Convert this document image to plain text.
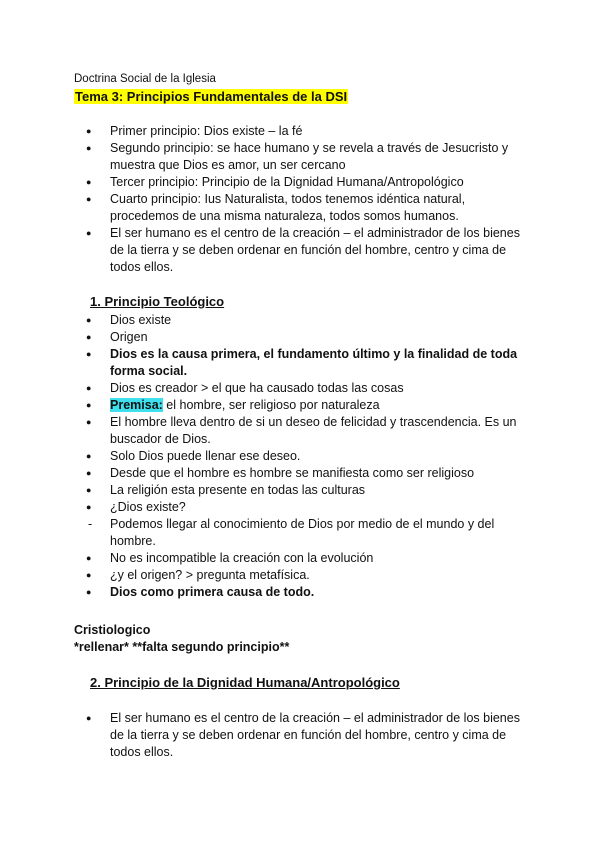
Doctrina Social de la Iglesia
Tema 3: Principios Fundamentales de la DSI
● Primer principio: Dios existe – la fé
● Segundo principio: se hace humano y se revela a través de Jesucristo y muestra que Dios es amor, un ser cercano
● Tercer principio: Principio de la Dignidad Humana/Antropológico
● Cuarto principio: Ius Naturalista, todos tenemos idéntica natural, procedemos de una misma naturaleza, todos somos humanos.
● El ser humano es el centro de la creación – el administrador de los bienes de la tierra y se deben ordenar en función del hombre, centro y cima de todos ellos.
1. Principio Teológico
● Dios existe
● Origen
● Dios es la causa primera, el fundamento último y la finalidad de toda forma social.
● Dios es creador > el que ha causado todas las cosas
● Premisa: el hombre, ser religioso por naturaleza
● El hombre lleva dentro de si un deseo de felicidad y trascendencia. Es un buscador de Dios.
● Solo Dios puede llenar ese deseo.
● Desde que el hombre es hombre se manifiesta como ser religioso
● La religión esta presente en todas las culturas
● ¿Dios existe?
- Podemos llegar al conocimiento de Dios por medio de el mundo y del hombre.
● No es incompatible la creación con la evolución
● ¿y el origen? > pregunta metafísica.
● Dios como primera causa de todo.
Cristiologico
*rellenar* **falta segundo principio**
2. Principio de la Dignidad Humana/Antropológico
● El ser humano es el centro de la creación – el administrador de los bienes de la tierra y se deben ordenar en función del hombre, centro y cima de todos ellos.
